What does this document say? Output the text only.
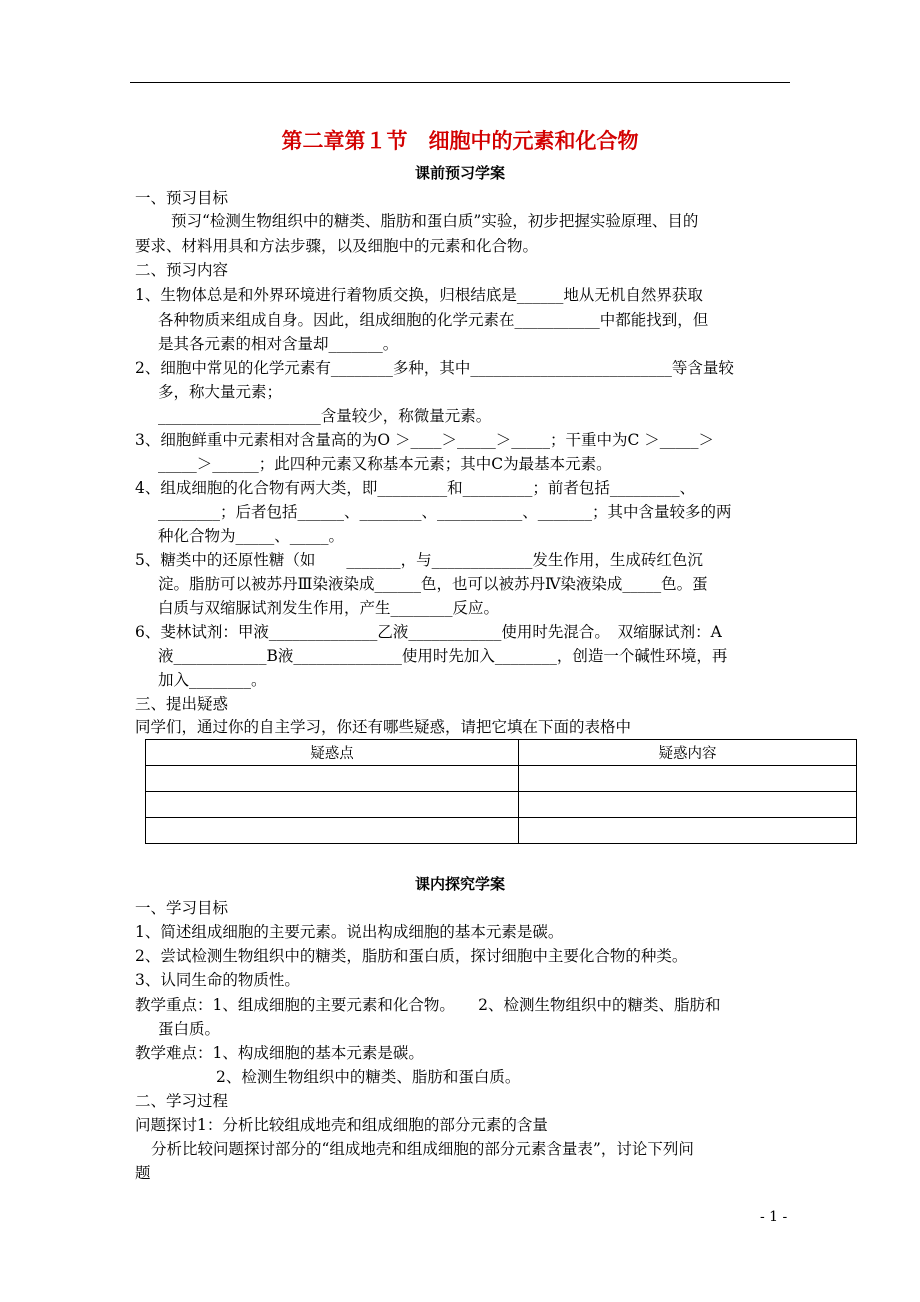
第二章第１节　细胞中的元素和化合物
课前预习学案
一、预习目标
预习“检测生物组织中的糖类、脂肪和蛋白质”实验，初步把握实验原理、目的
要求、材料用具和方法步骤，以及细胞中的元素和化合物。
二、预习内容
1、生物体总是和外界环境进行着物质交换，归根结底是______地从无机自然界获取
各种物质来组成自身。因此，组成细胞的化学元素在___________中都能找到，但
是其各元素的相对含量却_______。
2、细胞中常见的化学元素有________多种，其中__________________________等含量较
多，称大量元素；
_____________________含量较少，称微量元素。
3、细胞鲜重中元素相对含量高的为O ＞____＞_____＞_____；干重中为C ＞_____＞
_____＞______；此四种元素又称基本元素；其中C为最基本元素。
4、组成细胞的化合物有两大类，即_________和_________；前者包括_________、
________；后者包括______、________、___________、_______；其中含量较多的两
种化合物为_____、_____。
5、糖类中的还原性糖（如　　_______，与_____________发生作用，生成砖红色沉
淀。脂肪可以被苏丹Ⅲ染液染成______色，也可以被苏丹Ⅳ染液染成_____色。蛋
白质与双缩脲试剂发生作用，产生________反应。
6、斐林试剂：甲液______________乙液____________使用时先混合。　双缩脲试剂：A
液____________B液______________使用时先加入________，创造一个碱性环境，再
加入________。
三、提出疑惑
同学们，通过你的自主学习，你还有哪些疑惑，请把它填在下面的表格中
疑惑点	疑惑内容

课内探究学案
一、学习目标
1、简述组成细胞的主要元素。说出构成细胞的基本元素是碳。
2、尝试检测生物组织中的糖类，脂肪和蛋白质，探讨细胞中主要化合物的种类。
3、认同生命的物质性。
教学重点：1、组成细胞的主要元素和化合物。　　2、检测生物组织中的糖类、脂肪和
蛋白质。
教学难点：1、构成细胞的基本元素是碳。
2、检测生物组织中的糖类、脂肪和蛋白质。
二、学习过程
问题探讨1：分析比较组成地壳和组成细胞的部分元素的含量
分析比较问题探讨部分的“组成地壳和组成细胞的部分元素含量表”，讨论下列问
题
- 1 -
